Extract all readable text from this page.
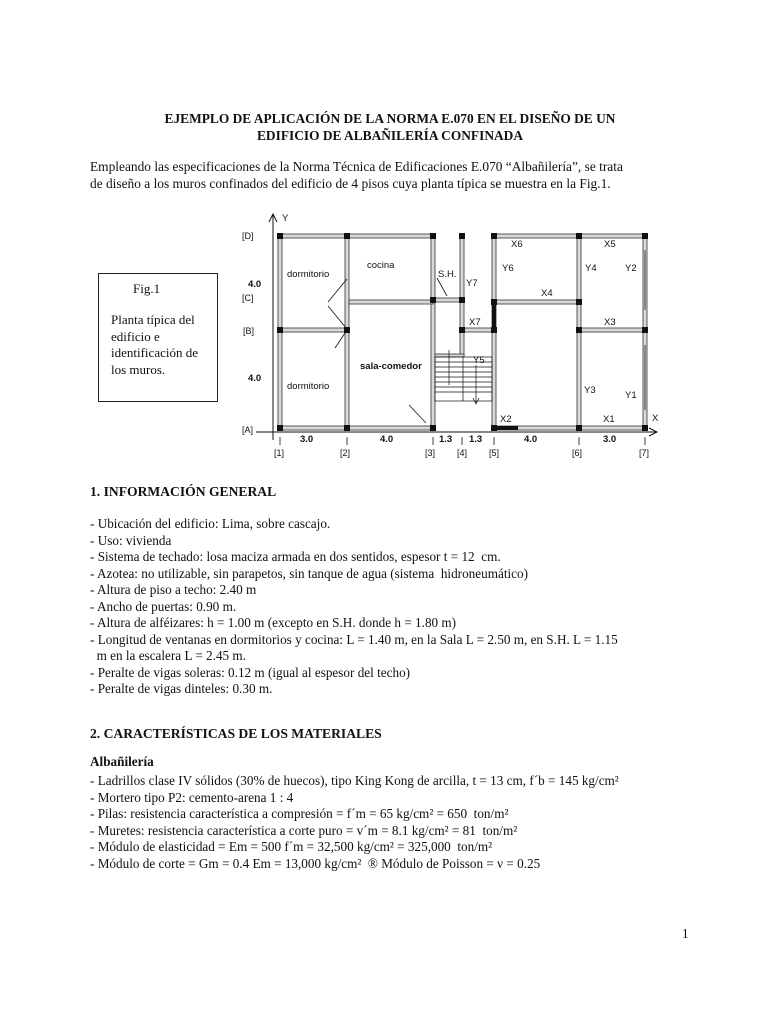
EJEMPLO DE APLICACIÓN DE LA NORMA E.070 EN EL DISEÑO DE UN
EDIFICIO DE ALBAÑILERÍA CONFINADA
Empleando las especificaciones de la Norma Técnica de Edificaciones E.070 “Albañilería”, se trata
de diseño a los muros confinados del edificio de 4 pisos cuya planta típica se muestra en la Fig.1.
Fig.1
Planta típica del edificio e identificación de los muros.
Y
X
dormitorio
cocina
S.H.
sala-comedor
dormitorio
X6	X5
Y6	Y4	Y2
Y7
X4
X7	X3
Y5
Y3	Y1
X2	X1
[D]
[C]
[B]
[A]
4.0
4.0
3.0	4.0	1.3 1.3	4.0	3.0
[1]	[2]	[3] [4] [5]	[6]	[7]
1. INFORMACIÓN GENERAL
- Ubicación del edificio: Lima, sobre cascajo.
- Uso: vivienda
- Sistema de techado: losa maciza armada en dos sentidos, espesor t = 12  cm.
- Azotea: no utilizable, sin parapetos, sin tanque de agua (sistema  hidroneumático)
- Altura de piso a techo: 2.40 m
- Ancho de puertas: 0.90 m.
- Altura de alféizares: h = 1.00 m (excepto en S.H. donde h = 1.80 m)
- Longitud de ventanas en dormitorios y cocina: L = 1.40 m, en la Sala L = 2.50 m, en S.H. L = 1.15
m en la escalera L = 2.45 m.
- Peralte de vigas soleras: 0.12 m (igual al espesor del techo)
- Peralte de vigas dinteles: 0.30 m.
2. CARACTERÍSTICAS DE LOS MATERIALES
Albañilería
- Ladrillos clase IV sólidos (30% de huecos), tipo King Kong de arcilla, t = 13 cm, f´b = 145 kg/cm²
- Mortero tipo P2: cemento-arena 1 : 4
- Pilas: resistencia característica a compresión = f´m = 65 kg/cm² = 650  ton/m²
- Muretes: resistencia característica a corte puro = v´m = 8.1 kg/cm² = 81  ton/m²
- Módulo de elasticidad = Em = 500 f´m = 32,500 kg/cm² = 325,000  ton/m²
- Módulo de corte = Gm = 0.4 Em = 13,000 kg/cm²  ® Módulo de Poisson = ν = 0.25
1
